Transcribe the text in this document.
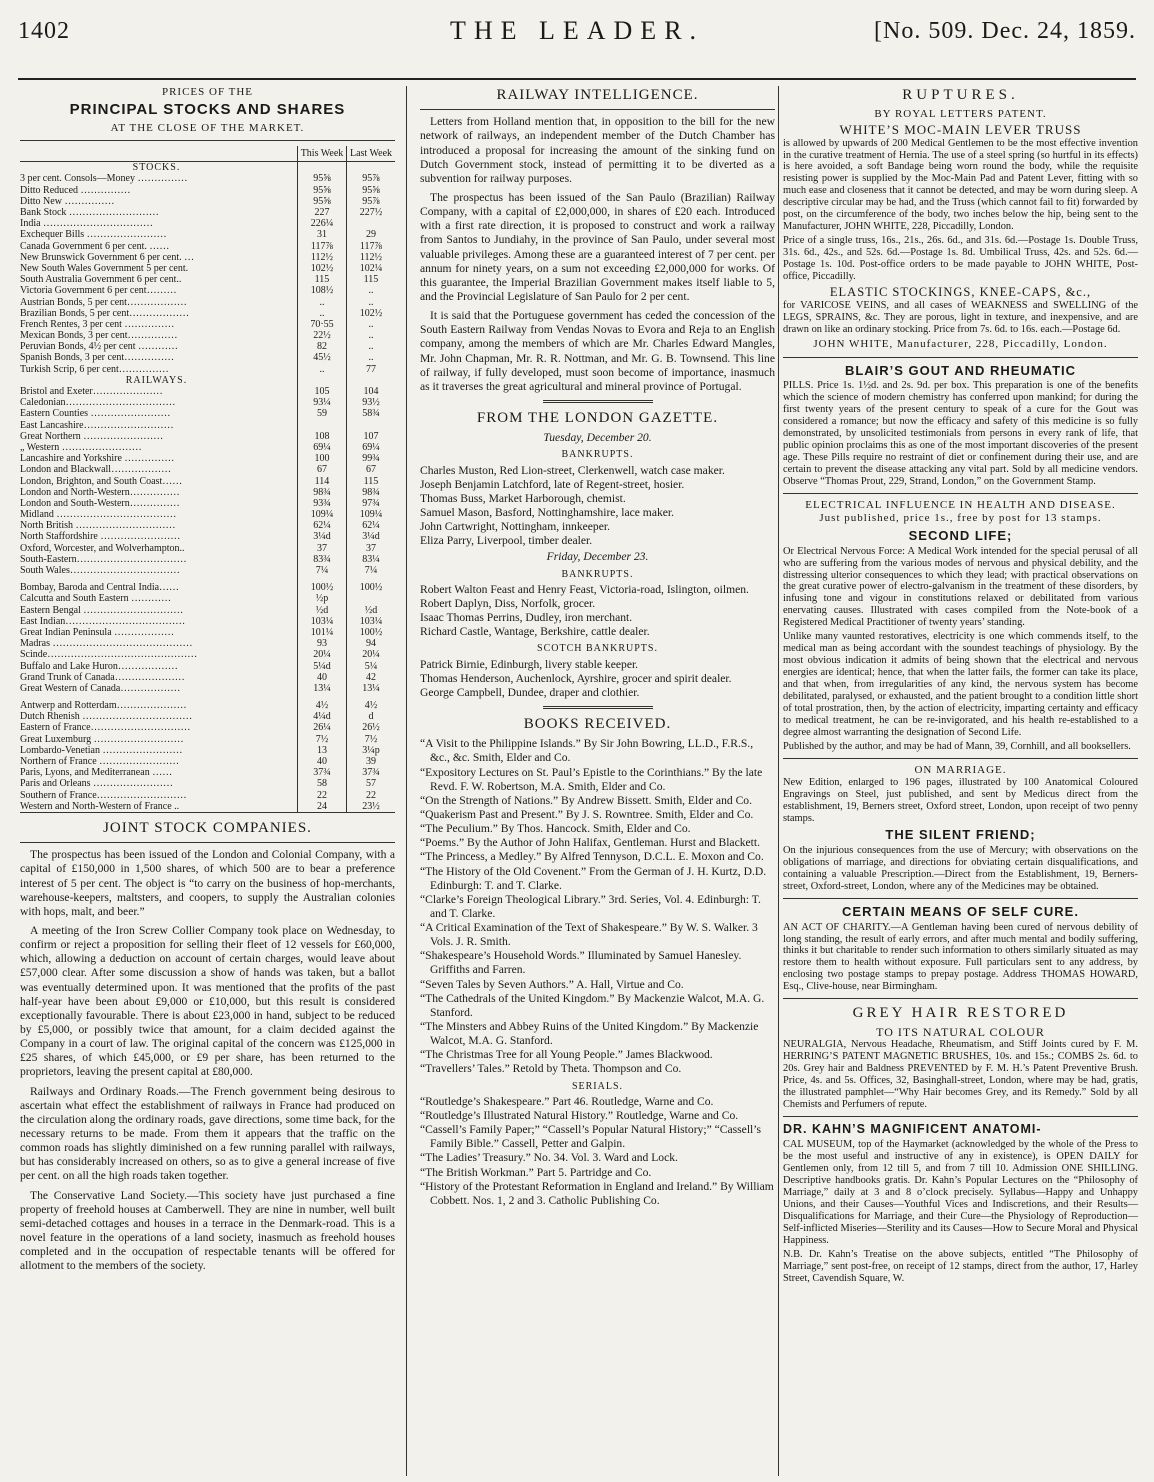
1402	THE LEADER.	[No. 509. Dec. 24, 1859.

PRICES OF THE

PRINCIPAL STOCKS AND SHARES

AT THE CLOSE OF THE MARKET.

	This Week	Last Week
STOCKS.		
3 per cent. Consols—Money ……………	95⅝	95⅞
Ditto Reduced ……………	95⅝	95⅝
Ditto New ……………	95⅝	95⅞
Bank Stock ………………………	227	227½
India ……………………………	226¼	
Exchequer Bills ……………………	31	29
Canada Government 6 per cent. ……	117⅞	117⅞
New Brunswick Government 6 per cent. …	112½	112½
New South Wales Government 5 per cent.	102½	102¼
South Australia Government 6 per cent..	115	115
Victoria Government 6 per cent………	108½	..
Austrian Bonds, 5 per cent………………	..	..
Brazilian Bonds, 5 per cent………………	..	102½
French Rentes, 3 per cent ……………	70·55	..
Mexican Bonds, 3 per cent……………	22½	..
Peruvian Bonds, 4½ per cent …………	82	..
Spanish Bonds, 3 per cent……………	45½	..
Turkish Scrip, 6 per cent……………	..	77
RAILWAYS.		
Bristol and Exeter…………………	105	104
Caledonian……………………………	93¼	93½
Eastern Counties ……………………	59	58¾
East Lancashire………………………		
Great Northern ……………………	108	107
„ Western ……………………	69¼	69¼
Lancashire and Yorkshire ……………	100	99¾
London and Blackwall………………	67	67
London, Brighton, and South Coast……	114	115
London and North-Western……………	98¾	98¾
London and South-Western……………	93¾	97¾
Midland ………………………………	109¼	109¼
North British …………………………	62¼	62¼
North Staffordshire ……………………	3¼d	3¼d
Oxford, Worcester, and Wolverhampton..	37	37
South-Eastern……………………………	83¾	83¼
South Wales……………………………	7¼	7¼

Bombay, Baroda and Central India……	100½	100½
Calcutta and South Eastern …………	½p	
Eastern Bengal …………………………	½d	½d
East Indian………………………………	103¼	103¼
Great Indian Peninsula ………………	101¼	100½
Madras ……………………………………	93	94
Scinde………………………………………	20¼	20¼
Buffalo and Lake Huron………………	5¼d	5¼
Grand Trunk of Canada…………………	40	42
Great Western of Canada………………	13¼	13¼

Antwerp and Rotterdam…………………	4½	4½
Dutch Rhenish ……………………………	4¼d	d
Eastern of France…………………………	26¼	26½
Great Luxemburg ………………………	7½	7½
Lombardo-Venetian ……………………	13	3¼p
Northern of France ……………………	40	39
Paris, Lyons, and Mediterranean ……	37¾	37¾
Paris and Orleans ……………………	58	57
Southern of France………………………	22	22
Western and North-Western of France ..	24	23½

JOINT STOCK COMPANIES.

The prospectus has been issued of the London and Colonial Company, with a capital of £150,000 in 1,500 shares, of which 500 are to bear a preference interest of 5 per cent. The object is “to carry on the business of hop-merchants, warehouse-keepers, maltsters, and coopers, to supply the Australian colonies with hops, malt, and beer.”

A meeting of the Iron Screw Collier Company took place on Wednesday, to confirm or reject a proposition for selling their fleet of 12 vessels for £60,000, which, allowing a deduction on account of certain charges, would leave about £57,000 clear. After some discussion a show of hands was taken, but a ballot was eventually determined upon. It was mentioned that the profits of the past half-year have been about £9,000 or £10,000, but this result is considered exceptionally favourable. There is about £23,000 in hand, subject to be reduced by £5,000, or possibly twice that amount, for a claim decided against the Company in a court of law. The original capital of the concern was £125,000 in £25 shares, of which £45,000, or £9 per share, has been returned to the proprietors, leaving the present capital at £80,000.

Railways and Ordinary Roads.—The French government being desirous to ascertain what effect the establishment of railways in France had produced on the circulation along the ordinary roads, gave directions, some time back, for the necessary returns to be made. From them it appears that the traffic on the common roads has slightly diminished on a few running parallel with railways, but has considerably increased on others, so as to give a general increase of five per cent. on all the high roads taken together.

The Conservative Land Society.—This society have just purchased a fine property of freehold houses at Camberwell. They are nine in number, well built semi-detached cottages and houses in a terrace in the Denmark-road. This is a novel feature in the operations of a land society, inasmuch as freehold houses completed and in the occupation of respectable tenants will be offered for allotment to the members of the society.

RAILWAY INTELLIGENCE.

Letters from Holland mention that, in opposition to the bill for the new network of railways, an independent member of the Dutch Chamber has introduced a proposal for increasing the amount of the sinking fund on Dutch Government stock, instead of permitting it to be diverted as a subvention for railway purposes.

The prospectus has been issued of the San Paulo (Brazilian) Railway Company, with a capital of £2,000,000, in shares of £20 each. Introduced with a first rate direction, it is proposed to construct and work a railway from Santos to Jundiahy, in the province of San Paulo, under several most valuable privileges. Among these are a guaranteed interest of 7 per cent. per annum for ninety years, on a sum not exceeding £2,000,000 for works. Of this guarantee, the Imperial Brazilian Government makes itself liable to 5, and the Provincial Legislature of San Paulo for 2 per cent.

It is said that the Portuguese government has ceded the concession of the South Eastern Railway from Vendas Novas to Evora and Reja to an English company, among the members of which are Mr. Charles Edward Mangles, Mr. John Chapman, Mr. R. R. Nottman, and Mr. G. B. Townsend. This line of railway, if fully developed, must soon become of importance, inasmuch as it traverses the great agricultural and mineral province of Portugal.

FROM THE LONDON GAZETTE.

Tuesday, December 20.

BANKRUPTS.

Charles Muston, Red Lion-street, Clerkenwell, watch case maker.
Joseph Benjamin Latchford, late of Regent-street, hosier.
Thomas Buss, Market Harborough, chemist.
Samuel Mason, Basford, Nottinghamshire, lace maker.
John Cartwright, Nottingham, innkeeper.
Eliza Parry, Liverpool, timber dealer.

Friday, December 23.

BANKRUPTS.

Robert Walton Feast and Henry Feast, Victoria-road, Islington, oilmen.
Robert Daplyn, Diss, Norfolk, grocer.
Isaac Thomas Perrins, Dudley, iron merchant.
Richard Castle, Wantage, Berkshire, cattle dealer.

SCOTCH BANKRUPTS.

Patrick Birnie, Edinburgh, livery stable keeper.
Thomas Henderson, Auchenlock, Ayrshire, grocer and spirit dealer.
George Campbell, Dundee, draper and clothier.

BOOKS RECEIVED.

“A Visit to the Philippine Islands.” By Sir John Bowring, LL.D., F.R.S., &c., &c. Smith, Elder and Co.
“Expository Lectures on St. Paul’s Epistle to the Corinthians.” By the late Revd. F. W. Robertson, M.A. Smith, Elder and Co.
“On the Strength of Nations.” By Andrew Bissett. Smith, Elder and Co.
“Quakerism Past and Present.” By J. S. Rowntree. Smith, Elder and Co.
“The Peculium.” By Thos. Hancock. Smith, Elder and Co.
“Poems.” By the Author of John Halifax, Gentleman. Hurst and Blackett.
“The Princess, a Medley.” By Alfred Tennyson, D.C.L. E. Moxon and Co.
“The History of the Old Covenent.” From the German of J. H. Kurtz, D.D. Edinburgh: T. and T. Clarke.
“Clarke’s Foreign Theological Library.” 3rd. Series, Vol. 4. Edinburgh: T. and T. Clarke.
“A Critical Examination of the Text of Shakespeare.” By W. S. Walker. 3 Vols. J. R. Smith.
“Shakespeare’s Household Words.” Illuminated by Samuel Hanesley. Griffiths and Farren.
“Seven Tales by Seven Authors.” A. Hall, Virtue and Co.
“The Cathedrals of the United Kingdom.” By Mackenzie Walcot, M.A. G. Stanford.
“The Minsters and Abbey Ruins of the United Kingdom.” By Mackenzie Walcot, M.A. G. Stanford.
“The Christmas Tree for all Young People.” James Blackwood.
“Travellers’ Tales.” Retold by Theta. Thompson and Co.

SERIALS.

“Routledge’s Shakespeare.” Part 46. Routledge, Warne and Co.
“Routledge’s Illustrated Natural History.” Routledge, Warne and Co.
“Cassell’s Family Paper;” “Cassell’s Popular Natural History;” “Cassell’s Family Bible.” Cassell, Petter and Galpin.
“The Ladies’ Treasury.” No. 34. Vol. 3. Ward and Lock.
“The British Workman.” Part 5. Partridge and Co.
“History of the Protestant Reformation in England and Ireland.” By William Cobbett. Nos. 1, 2 and 3. Catholic Publishing Co.

RUPTURES.

BY ROYAL LETTERS PATENT.

WHITE’S MOC-MAIN LEVER TRUSS

is allowed by upwards of 200 Medical Gentlemen to be the most effective invention in the curative treatment of Hernia. The use of a steel spring (so hurtful in its effects) is here avoided, a soft Bandage being worn round the body, while the requisite resisting power is supplied by the Moc-Main Pad and Patent Lever, fitting with so much ease and closeness that it cannot be detected, and may be worn during sleep. A descriptive circular may be had, and the Truss (which cannot fail to fit) forwarded by post, on the circumference of the body, two inches below the hip, being sent to the Manufacturer, JOHN WHITE, 228, Piccadilly, London.

Price of a single truss, 16s., 21s., 26s. 6d., and 31s. 6d.—Postage 1s. Double Truss, 31s. 6d., 42s., and 52s. 6d.—Postage 1s. 8d. Umbilical Truss, 42s. and 52s. 6d.—Postage 1s. 10d. Post-office orders to be made payable to JOHN WHITE, Post-office, Piccadilly.

ELASTIC STOCKINGS, KNEE-CAPS, &c.,

for VARICOSE VEINS, and all cases of WEAKNESS and SWELLING of the LEGS, SPRAINS, &c. They are porous, light in texture, and inexpensive, and are drawn on like an ordinary stocking. Price from 7s. 6d. to 16s. each.—Postage 6d.

JOHN WHITE, Manufacturer, 228, Piccadilly, London.

BLAIR’S GOUT AND RHEUMATIC

PILLS. Price 1s. 1½d. and 2s. 9d. per box. This preparation is one of the benefits which the science of modern chemistry has conferred upon mankind; for during the first twenty years of the present century to speak of a cure for the Gout was considered a romance; but now the efficacy and safety of this medicine is so fully demonstrated, by unsolicited testimonials from persons in every rank of life, that public opinion proclaims this as one of the most important discoveries of the present age. These Pills require no restraint of diet or confinement during their use, and are certain to prevent the disease attacking any vital part. Sold by all medicine vendors. Observe “Thomas Prout, 229, Strand, London,” on the Government Stamp.

ELECTRICAL INFLUENCE IN HEALTH AND DISEASE.

Just published, price 1s., free by post for 13 stamps.

SECOND LIFE;

Or Electrical Nervous Force: A Medical Work intended for the special perusal of all who are suffering from the various modes of nervous and physical debility, and the distressing ulterior consequences to which they lead; with practical observations on the great curative power of electro-galvanism in the treatment of these disorders, by infusing tone and vigour in constitutions relaxed or debilitated from various enervating causes. Illustrated with cases compiled from the Note-book of a Registered Medical Practitioner of twenty years’ standing.

Unlike many vaunted restoratives, electricity is one which commends itself, to the medical man as being accordant with the soundest teachings of physiology. By the most obvious indication it admits of being shown that the electrical and nervous energies are identical; hence, that when the latter fails, the former can take its place, and that when, from irregularities of any kind, the nervous system has become debilitated, paralysed, or exhausted, and the patient brought to a condition little short of total prostration, then, by the action of electricity, imparting certainty and efficacy to medical treatment, he can be re-invigorated, and his health re-established to a degree almost warranting the designation of Second Life.

Published by the author, and may be had of Mann, 39, Cornhill, and all booksellers.

ON MARRIAGE.

New Edition, enlarged to 196 pages, illustrated by 100 Anatomical Coloured Engravings on Steel, just published, and sent by Medicus direct from the establishment, 19, Berners street, Oxford street, London, upon receipt of two penny stamps.

THE SILENT FRIEND;

On the injurious consequences from the use of Mercury; with observations on the obligations of marriage, and directions for obviating certain disqualifications, and containing a valuable Prescription.—Direct from the Establishment, 19, Berners-street, Oxford-street, London, where any of the Medicines may be obtained.

CERTAIN MEANS OF SELF CURE.

AN ACT OF CHARITY.—A Gentleman having been cured of nervous debility of long standing, the result of early errors, and after much mental and bodily suffering, thinks it but charitable to render such information to others similarly situated as may restore them to health without exposure. Full particulars sent to any address, by enclosing two postage stamps to prepay postage. Address THOMAS HOWARD, Esq., Clive-house, near Birmingham.

GREY HAIR RESTORED

TO ITS NATURAL COLOUR

NEURALGIA, Nervous Headache, Rheumatism, and Stiff Joints cured by F. M. HERRING’S PATENT MAGNETIC BRUSHES, 10s. and 15s.; COMBS 2s. 6d. to 20s. Grey hair and Baldness PREVENTED by F. M. H.’s Patent Preventive Brush. Price, 4s. and 5s. Offices, 32, Basinghall-street, London, where may be had, gratis, the illustrated pamphlet—“Why Hair becomes Grey, and its Remedy.” Sold by all Chemists and Perfumers of repute.

DR. KAHN’S MAGNIFICENT ANATOMI-

CAL MUSEUM, top of the Haymarket (acknowledged by the whole of the Press to be the most useful and instructive of any in existence), is OPEN DAILY for Gentlemen only, from 12 till 5, and from 7 till 10. Admission ONE SHILLING. Descriptive handbooks gratis. Dr. Kahn’s Popular Lectures on the “Philosophy of Marriage,” daily at 3 and 8 o’clock precisely. Syllabus—Happy and Unhappy Unions, and their Causes—Youthful Vices and Indiscretions, and their Results—Disqualifications for Marriage, and their Cure—the Physiology of Reproduction—Self-inflicted Miseries—Sterility and its Causes—How to Secure Moral and Physical Happiness.

N.B. Dr. Kahn’s Treatise on the above subjects, entitled “The Philosophy of Marriage,” sent post-free, on receipt of 12 stamps, direct from the author, 17, Harley Street, Cavendish Square, W.
